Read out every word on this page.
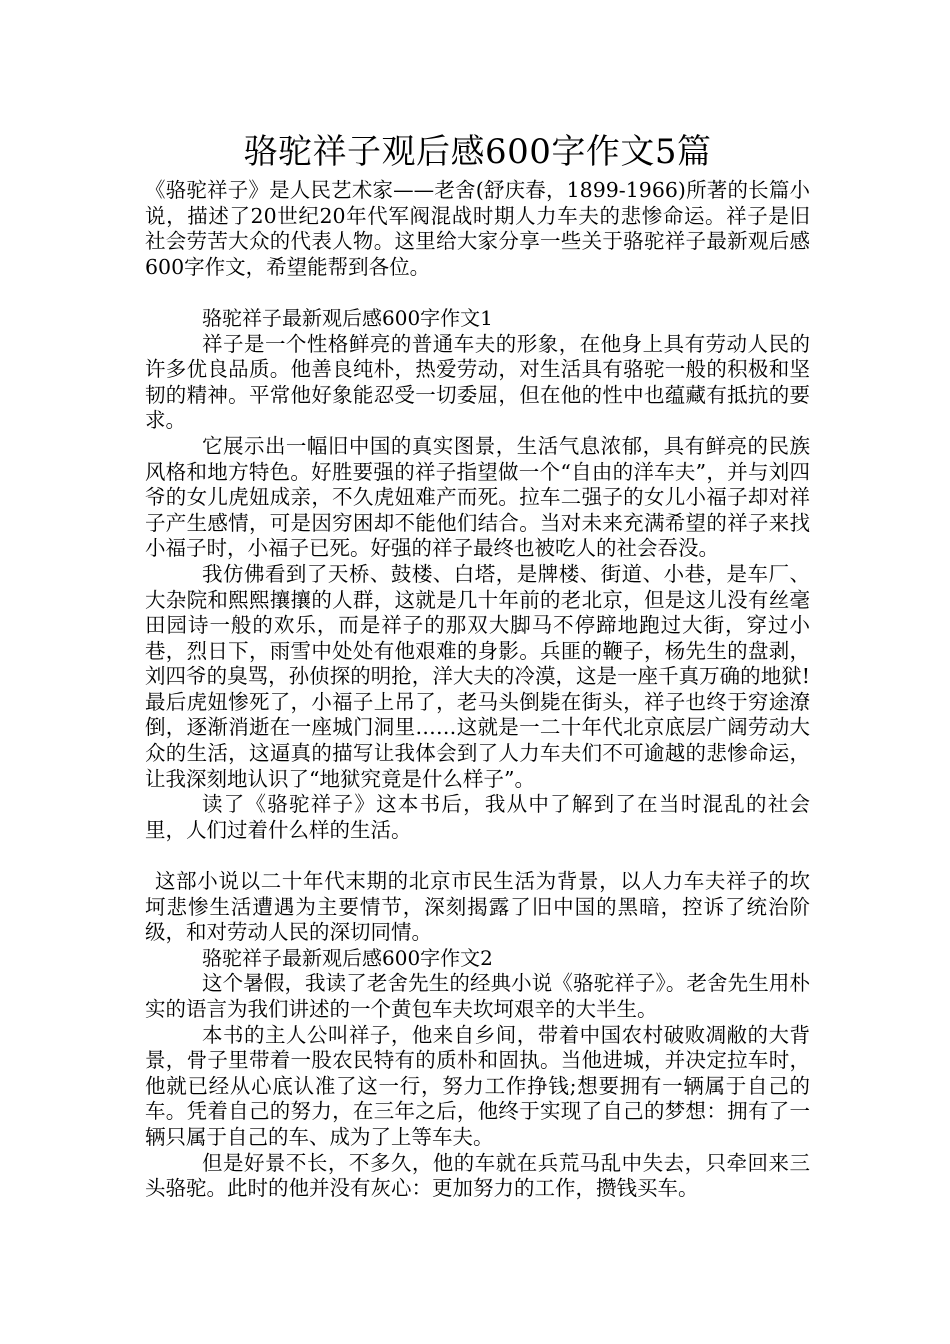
骆驼祥子观后感600字作文5篇

《骆驼祥子》是人民艺术家——老舍(舒庆春，1899-1966)所著的长篇小说，描述了20世纪20年代军阀混战时期人力车夫的悲惨命运。祥子是旧社会劳苦大众的代表人物。这里给大家分享一些关于骆驼祥子最新观后感600字作文，希望能帮到各位。

骆驼祥子最新观后感600字作文1

祥子是一个性格鲜亮的普通车夫的形象，在他身上具有劳动人民的许多优良品质。他善良纯朴，热爱劳动，对生活具有骆驼一般的积极和坚韧的精神。平常他好象能忍受一切委屈，但在他的性中也蕴藏有抵抗的要求。

它展示出一幅旧中国的真实图景，生活气息浓郁，具有鲜亮的民族风格和地方特色。好胜要强的祥子指望做一个“自由的洋车夫”，并与刘四爷的女儿虎妞成亲，不久虎妞难产而死。拉车二强子的女儿小福子却对祥子产生感情，可是因穷困却不能他们结合。当对未来充满希望的祥子来找小福子时，小福子已死。好强的祥子最终也被吃人的社会吞没。

我仿佛看到了天桥、鼓楼、白塔，是牌楼、街道、小巷，是车厂、大杂院和熙熙攘攘的人群，这就是几十年前的老北京，但是这儿没有丝毫田园诗一般的欢乐，而是祥子的那双大脚马不停蹄地跑过大街，穿过小巷，烈日下，雨雪中处处有他艰难的身影。兵匪的鞭子，杨先生的盘剥，刘四爷的臭骂，孙侦探的明抢，洋大夫的冷漠，这是一座千真万确的地狱!最后虎妞惨死了，小福子上吊了，老马头倒毙在街头，祥子也终于穷途潦倒，逐渐消逝在一座城门洞里……这就是一二十年代北京底层广阔劳动大众的生活，这逼真的描写让我体会到了人力车夫们不可逾越的悲惨命运，让我深刻地认识了“地狱究竟是什么样子”。

读了《骆驼祥子》这本书后，我从中了解到了在当时混乱的社会里，人们过着什么样的生活。

这部小说以二十年代末期的北京市民生活为背景，以人力车夫祥子的坎坷悲惨生活遭遇为主要情节，深刻揭露了旧中国的黑暗，控诉了统治阶级，和对劳动人民的深切同情。

骆驼祥子最新观后感600字作文2

这个暑假，我读了老舍先生的经典小说《骆驼祥子》。老舍先生用朴实的语言为我们讲述的一个黄包车夫坎坷艰辛的大半生。

本书的主人公叫祥子，他来自乡间，带着中国农村破败凋敝的大背景，骨子里带着一股农民特有的质朴和固执。当他进城，并决定拉车时，他就已经从心底认准了这一行，努力工作挣钱;想要拥有一辆属于自己的车。凭着自己的努力，在三年之后，他终于实现了自己的梦想：拥有了一辆只属于自己的车、成为了上等车夫。

但是好景不长，不多久，他的车就在兵荒马乱中失去，只牵回来三头骆驼。此时的他并没有灰心：更加努力的工作，攒钱买车。
